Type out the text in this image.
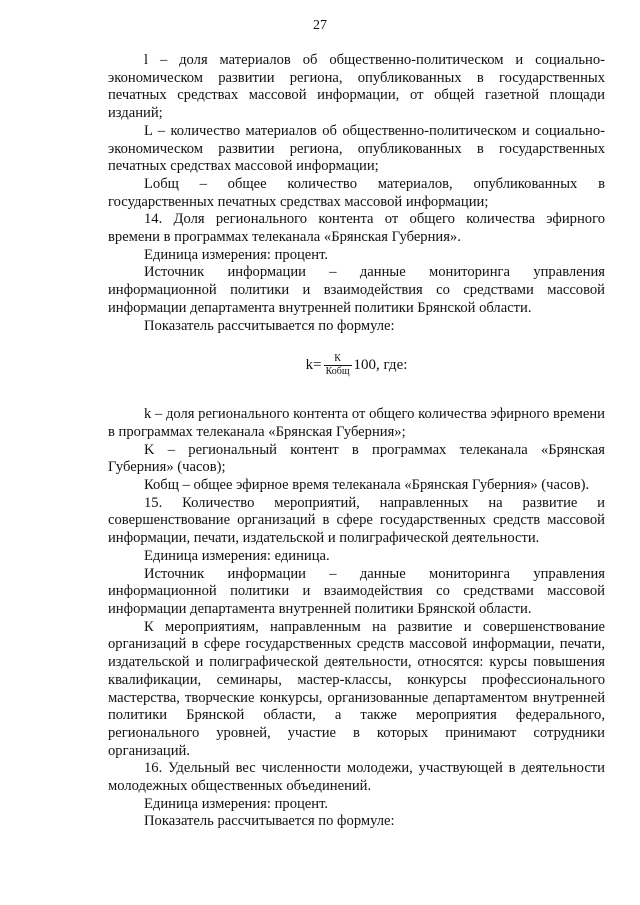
27

l – доля материалов об общественно-политическом и социально-экономическом развитии региона, опубликованных в государственных печатных средствах массовой информации, от общей газетной площади изданий;

L – количество материалов об общественно-политическом и социально-экономическом развитии региона, опубликованных в государственных печатных средствах массовой информации;

Lобщ – общее количество материалов, опубликованных в государственных печатных средствах массовой информации;

14. Доля регионального контента от общего количества эфирного времени в программах телеканала «Брянская Губерния».

Единица измерения: процент.

Источник информации – данные мониторинга управления информационной политики и взаимодействия со средствами массовой информации департамента внутренней политики Брянской области.

Показатель рассчитывается по формуле:

$k= \frac{К}{\text{Кобщ}} 100$, где:

k – доля регионального контента от общего количества эфирного времени в программах телеканала «Брянская Губерния»;

K – региональный контент в программах телеканала «Брянская Губерния» (часов);

Кобщ – общее эфирное время телеканала «Брянская Губерния» (часов).

15. Количество мероприятий, направленных на развитие и совершенствование организаций в сфере государственных средств массовой информации, печати, издательской и полиграфической деятельности.

Единица измерения: единица.

Источник информации – данные мониторинга управления информационной политики и взаимодействия со средствами массовой информации департамента внутренней политики Брянской области.

К мероприятиям, направленным на развитие и совершенствование организаций в сфере государственных средств массовой информации, печати, издательской и полиграфической деятельности, относятся: курсы повышения квалификации, семинары, мастер-классы, конкурсы профессионального мастерства, творческие конкурсы, организованные департаментом внутренней политики Брянской области, а также мероприятия федерального, регионального уровней, участие в которых принимают сотрудники организаций.

16. Удельный вес численности молодежи, участвующей в деятельности молодежных общественных объединений.

Единица измерения: процент.

Показатель рассчитывается по формуле:
